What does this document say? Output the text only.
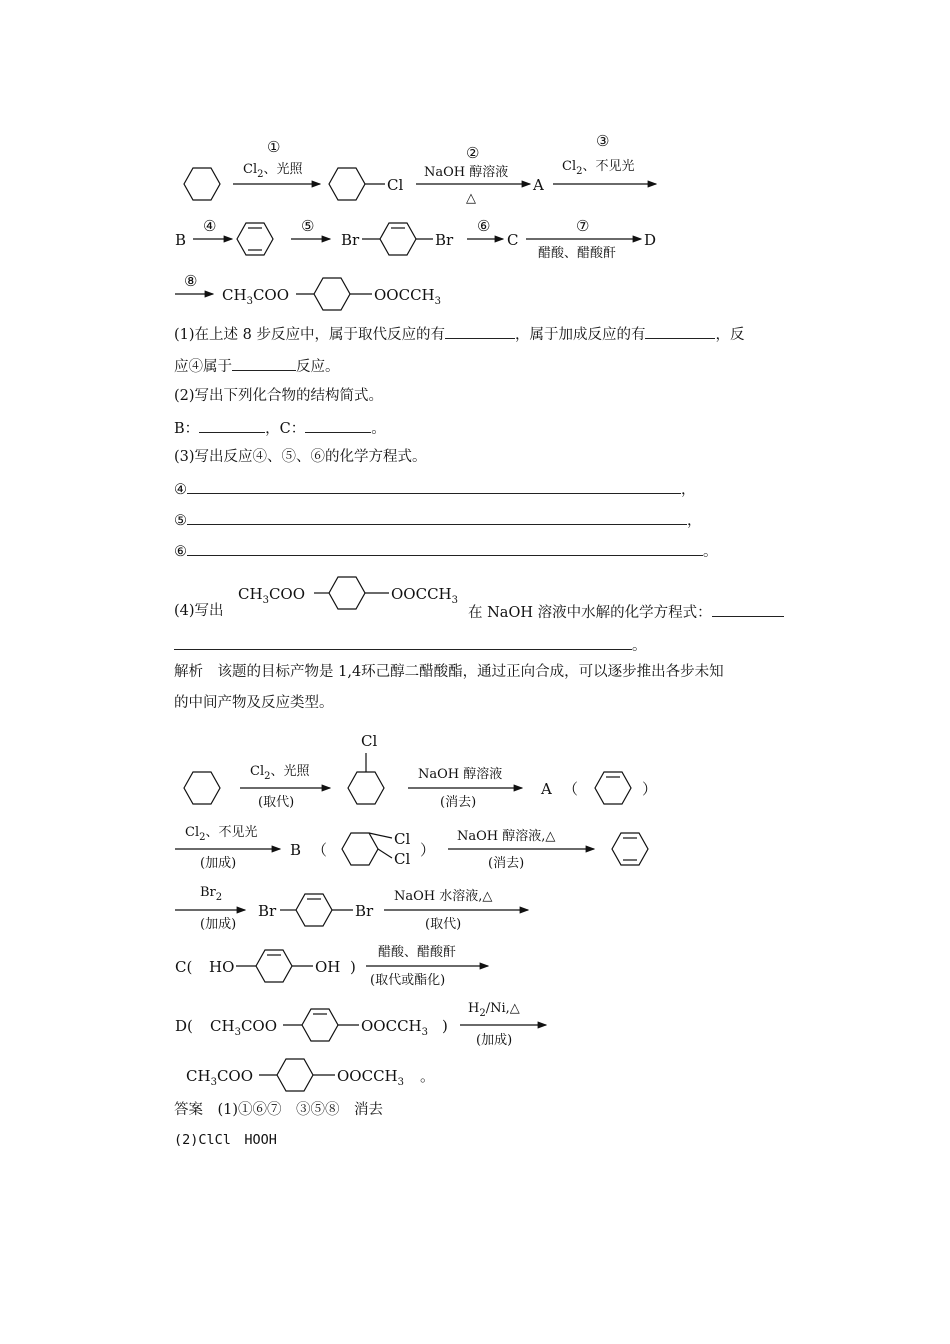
①
$Cl_2$、光照
Cl
②
NaOH 醇溶液
△
A
③
$Cl_2$、不见光
B
④	⑤
Br	Br
⑥
C
⑦
醋酸、醋酸酐
D
⑧
$CH_3COO$	$OOCCH_3$
$CH_3COO$	$OOCCH_3$
Cl
$Cl_2$、光照
(取代)
NaOH 醇溶液
(消去)
A （	）
$Cl_2$、不见光
(加成)
B （
Cl
Cl ）
NaOH 醇溶液,△
(消去)
$Br_2$
(加成)
Br	Br
NaOH 水溶液,△
(取代)
C( HO	OH )
醋酸、醋酸酐
(取代或酯化)
D( $CH_3COO$	$OOCCH_3$ )
$H_2/Ni,\triangle$
(加成)
$CH_3COO$	$OOCCH_3$ 。
(1)在上述 8 步反应中，属于取代反应的有	，属于加成反应的有	，反
应④属于	反应。
(2)写出下列化合物的结构简式。
B：	，C：	。
(3)写出反应④、⑤、⑥的化学方程式。
④	，
⑤	，
⑥	。
(4)写出	在 NaOH 溶液中水解的化学方程式：
。
解析　该题的目标产物是 1,4环己醇二醋酸酯，通过正向合成，可以逐步推出各步未知
的中间产物及反应类型。
答案　(1)①⑥⑦　③⑤⑧　消去
(2)ClCl　HOOH
